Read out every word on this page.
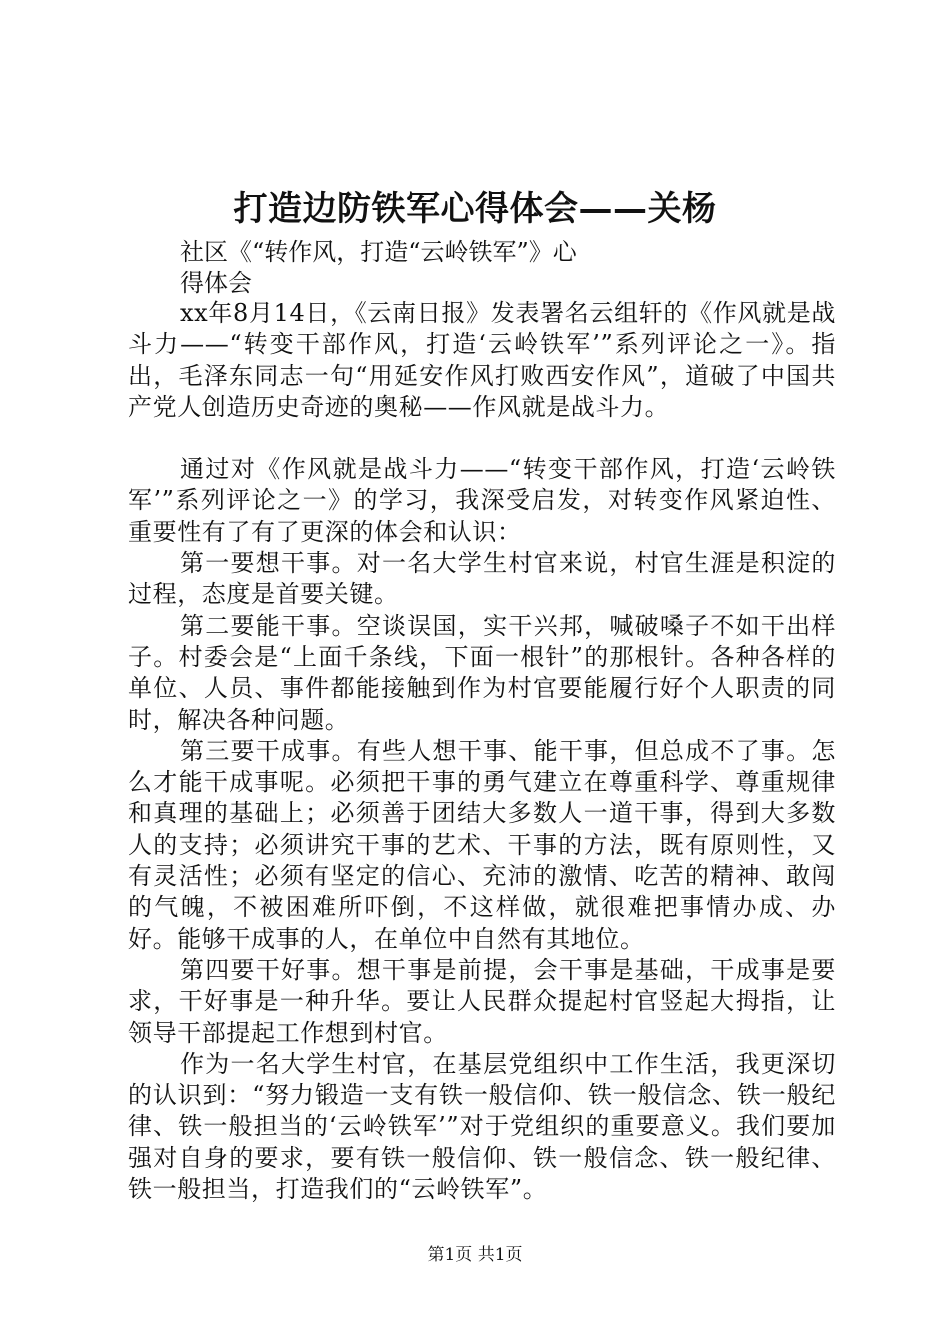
打造边防铁军心得体会——关杨
社区《“转作风，打造“云岭铁军”》心
得体会

xx年8月14日，《云南日报》发表署名云组轩的《作风就是战斗力——“转变干部作风，打造‘云岭铁军’”系列评论之一》。指出，毛泽东同志一句“用延安作风打败西安作风”，道破了中国共产党人创造历史奇迹的奥秘——作风就是战斗力。

通过对《作风就是战斗力——“转变干部作风，打造‘云岭铁军’”系列评论之一》的学习，我深受启发，对转变作风紧迫性、重要性有了有了更深的体会和认识：

第一要想干事。对一名大学生村官来说，村官生涯是积淀的过程，态度是首要关键。

第二要能干事。空谈误国，实干兴邦，喊破嗓子不如干出样子。村委会是“上面千条线，下面一根针”的那根针。各种各样的单位、人员、事件都能接触到作为村官要能履行好个人职责的同时，解决各种问题。

第三要干成事。有些人想干事、能干事，但总成不了事。怎么才能干成事呢。必须把干事的勇气建立在尊重科学、尊重规律和真理的基础上；必须善于团结大多数人一道干事，得到大多数人的支持；必须讲究干事的艺术、干事的方法，既有原则性，又有灵活性；必须有坚定的信心、充沛的激情、吃苦的精神、敢闯的气魄，不被困难所吓倒，不这样做，就很难把事情办成、办好。能够干成事的人，在单位中自然有其地位。

第四要干好事。想干事是前提，会干事是基础，干成事是要求，干好事是一种升华。要让人民群众提起村官竖起大拇指，让领导干部提起工作想到村官。

作为一名大学生村官，在基层党组织中工作生活，我更深切的认识到：“努力锻造一支有铁一般信仰、铁一般信念、铁一般纪律、铁一般担当的‘云岭铁军’”对于党组织的重要意义。我们要加强对自身的要求，要有铁一般信仰、铁一般信念、铁一般纪律、铁一般担当，打造我们的“云岭铁军”。

第1页 共1页
